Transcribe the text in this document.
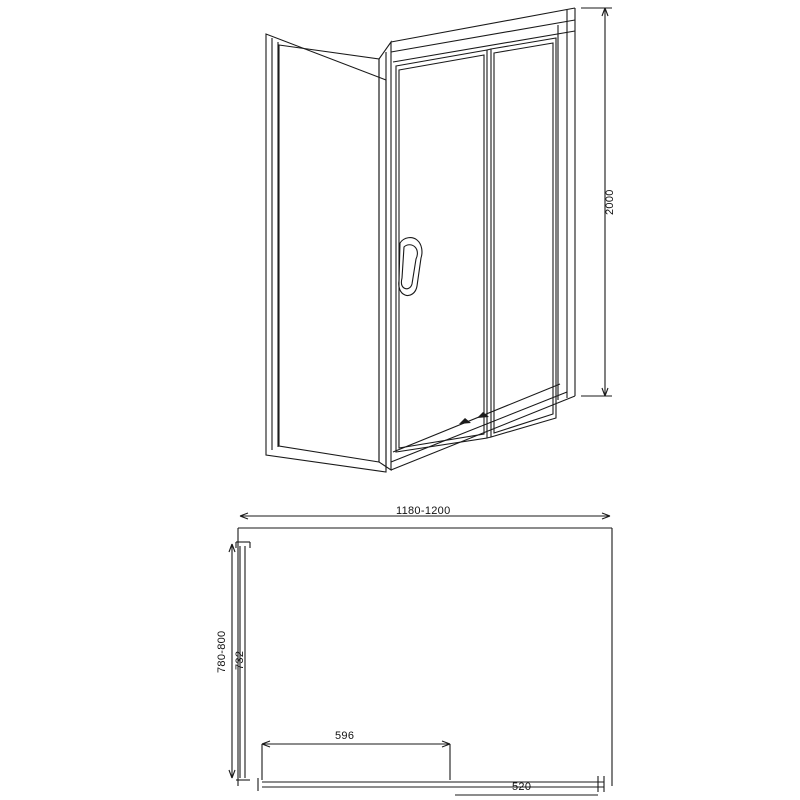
2000
1180-1200
780-800 732
596
520
